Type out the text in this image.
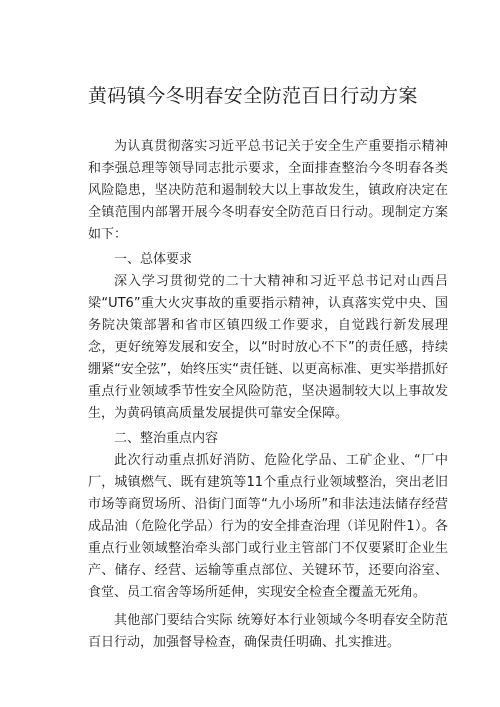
黄码镇今冬明春安全防范百日行动方案

为认真贯彻落实习近平总书记关于安全生产重要指示精神和李强总理等领导同志批示要求，全面排查整治今冬明春各类风险隐患，坚决防范和遏制较大以上事故发生，镇政府决定在全镇范围内部署开展今冬明春安全防范百日行动。现制定方案如下：

一、总体要求

深入学习贯彻党的二十大精神和习近平总书记对山西吕梁“UT6”重大火灾事故的重要指示精神，认真落实党中央、国务院决策部署和省市区镇四级工作要求，自觉践行新发展理念，更好统筹发展和安全，以“时时放心不下”的责任感，持续绷紧“安全弦”，始终压实“责任链、以更高标准、更实举措抓好重点行业领域季节性安全风险防范，坚决遏制较大以上事故发生，为黄码镇高质量发展提供可靠安全保障。

二、整治重点内容

此次行动重点抓好消防、危险化学品、工矿企业、“厂中厂，城镇燃气、既有建筑等11个重点行业领域整治，突出老旧市场等商贸场所、沿街门面等“九小场所”和非法违法储存经营成品油（危险化学品）行为的安全排查治理（详见附件1）。各重点行业领域整治牵头部门或行业主管部门不仅要紧盯企业生产、储存、经营、运输等重点部位、关键环节，还要向浴室、食堂、员工宿舍等场所延伸，实现安全检查全覆盖无死角。

其他部门要结合实际 统筹好本行业领域今冬明春安全防范百日行动，加强督导检查，确保责任明确、扎实推进。
